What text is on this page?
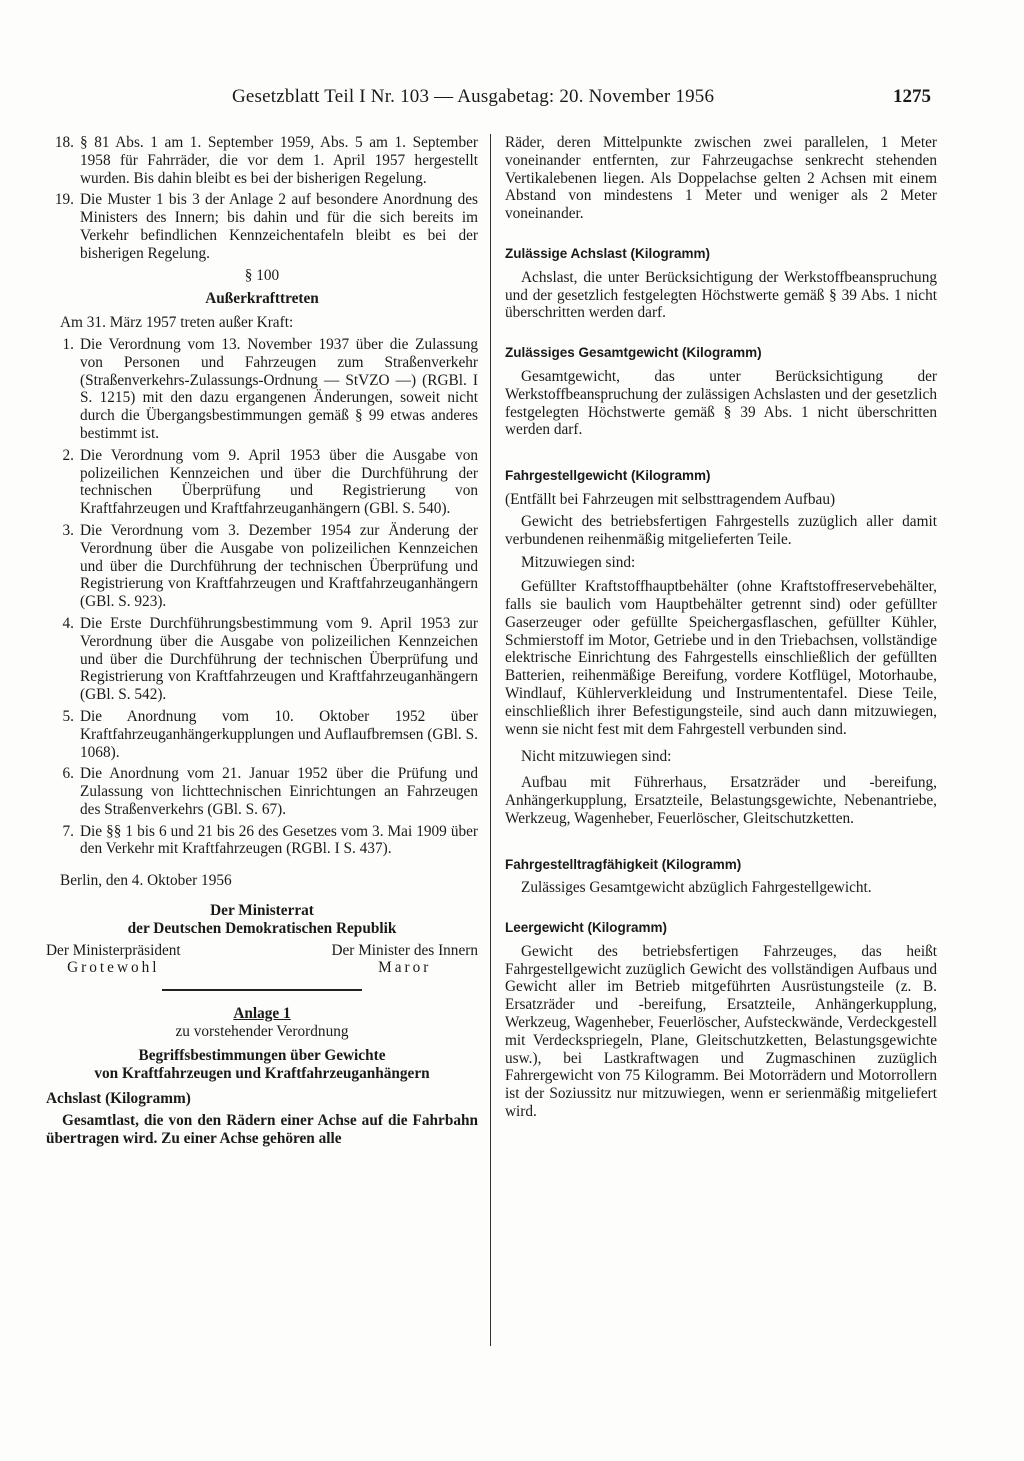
Gesetzblatt Teil I Nr. 103 — Ausgabetag: 20. November 1956	1275
18. § 81 Abs. 1 am 1. September 1959, Abs. 5 am 1. September 1958 für Fahrräder, die vor dem 1. April 1957 hergestellt wurden. Bis dahin bleibt es bei der bisherigen Regelung.
19. Die Muster 1 bis 3 der Anlage 2 auf besondere Anordnung des Ministers des Innern; bis dahin und für die sich bereits im Verkehr befindlichen Kennzeichentafeln bleibt es bei der bisherigen Regelung.
§ 100
Außerkrafttreten
Am 31. März 1957 treten außer Kraft:
1. Die Verordnung vom 13. November 1937 über die Zulassung von Personen und Fahrzeugen zum Straßenverkehr (Straßenverkehrs-Zulassungs-Ordnung — StVZO —) (RGBl. I S. 1215) mit den dazu ergangenen Änderungen, soweit nicht durch die Übergangsbestimmungen gemäß § 99 etwas anderes bestimmt ist.
2. Die Verordnung vom 9. April 1953 über die Ausgabe von polizeilichen Kennzeichen und über die Durchführung der technischen Überprüfung und Registrierung von Kraftfahrzeugen und Kraftfahrzeuganhängern (GBl. S. 540).
3. Die Verordnung vom 3. Dezember 1954 zur Änderung der Verordnung über die Ausgabe von polizeilichen Kennzeichen und über die Durchführung der technischen Überprüfung und Registrierung von Kraftfahrzeugen und Kraftfahrzeuganhängern (GBl. S. 923).
4. Die Erste Durchführungsbestimmung vom 9. April 1953 zur Verordnung über die Ausgabe von polizeilichen Kennzeichen und über die Durchführung der technischen Überprüfung und Registrierung von Kraftfahrzeugen und Kraftfahrzeuganhängern (GBl. S. 542).
5. Die Anordnung vom 10. Oktober 1952 über Kraftfahrzeuganhängerkupplungen und Auflaufbremsen (GBl. S. 1068).
6. Die Anordnung vom 21. Januar 1952 über die Prüfung und Zulassung von lichttechnischen Einrichtungen an Fahrzeugen des Straßenverkehrs (GBl. S. 67).
7. Die §§ 1 bis 6 und 21 bis 26 des Gesetzes vom 3. Mai 1909 über den Verkehr mit Kraftfahrzeugen (RGBl. I S. 437).
Berlin, den 4. Oktober 1956
Der Ministerrat
der Deutschen Demokratischen Republik
Der Ministerpräsident
Grotewohl
Der Minister des Innern
Maror
Anlage 1
zu vorstehender Verordnung
Begriffsbestimmungen über Gewichte
von Kraftfahrzeugen und Kraftfahrzeuganhängern
Achslast (Kilogramm)
Gesamtlast, die von den Rädern einer Achse auf die Fahrbahn übertragen wird. Zu einer Achse gehören alle
Räder, deren Mittelpunkte zwischen zwei parallelen, 1 Meter voneinander entfernten, zur Fahrzeugachse senkrecht stehenden Vertikalebenen liegen. Als Doppelachse gelten 2 Achsen mit einem Abstand von mindestens 1 Meter und weniger als 2 Meter voneinander.
Zulässige Achslast (Kilogramm)
Achslast, die unter Berücksichtigung der Werkstoffbeanspruchung und der gesetzlich festgelegten Höchstwerte gemäß § 39 Abs. 1 nicht überschritten werden darf.
Zulässiges Gesamtgewicht (Kilogramm)
Gesamtgewicht, das unter Berücksichtigung der Werkstoffbeanspruchung der zulässigen Achslasten und der gesetzlich festgelegten Höchstwerte gemäß § 39 Abs. 1 nicht überschritten werden darf.
Fahrgestellgewicht (Kilogramm)
(Entfällt bei Fahrzeugen mit selbsttragendem Aufbau)
Gewicht des betriebsfertigen Fahrgestells zuzüglich aller damit verbundenen reihenmäßig mitgelieferten Teile.
Mitzuwiegen sind:
Gefüllter Kraftstoffhauptbehälter (ohne Kraftstoffreservebehälter, falls sie baulich vom Hauptbehälter getrennt sind) oder gefüllter Gaserzeuger oder gefüllte Speichergasflaschen, gefüllter Kühler, Schmierstoff im Motor, Getriebe und in den Triebachsen, vollständige elektrische Einrichtung des Fahrgestells einschließlich der gefüllten Batterien, reihenmäßige Bereifung, vordere Kotflügel, Motorhaube, Windlauf, Kühlerverkleidung und Instrumententafel. Diese Teile, einschließlich ihrer Befestigungsteile, sind auch dann mitzuwiegen, wenn sie nicht fest mit dem Fahrgestell verbunden sind.
Nicht mitzuwiegen sind:
Aufbau mit Führerhaus, Ersatzräder und -bereifung, Anhängerkupplung, Ersatzteile, Belastungsgewichte, Nebenantriebe, Werkzeug, Wagenheber, Feuerlöscher, Gleitschutzketten.
Fahrgestelltragfähigkeit (Kilogramm)
Zulässiges Gesamtgewicht abzüglich Fahrgestellgewicht.
Leergewicht (Kilogramm)
Gewicht des betriebsfertigen Fahrzeuges, das heißt Fahrgestellgewicht zuzüglich Gewicht des vollständigen Aufbaus und Gewicht aller im Betrieb mitgeführten Ausrüstungsteile (z. B. Ersatzräder und -bereifung, Ersatzteile, Anhängerkupplung, Werkzeug, Wagenheber, Feuerlöscher, Aufsteckwände, Verdeckgestell mit Verdeckspriegeln, Plane, Gleitschutzketten, Belastungsgewichte usw.), bei Lastkraftwagen und Zugmaschinen zuzüglich Fahrergewicht von 75 Kilogramm. Bei Motorrädern und Motorrollern ist der Soziussitz nur mitzuwiegen, wenn er serienmäßig mitgeliefert wird.
